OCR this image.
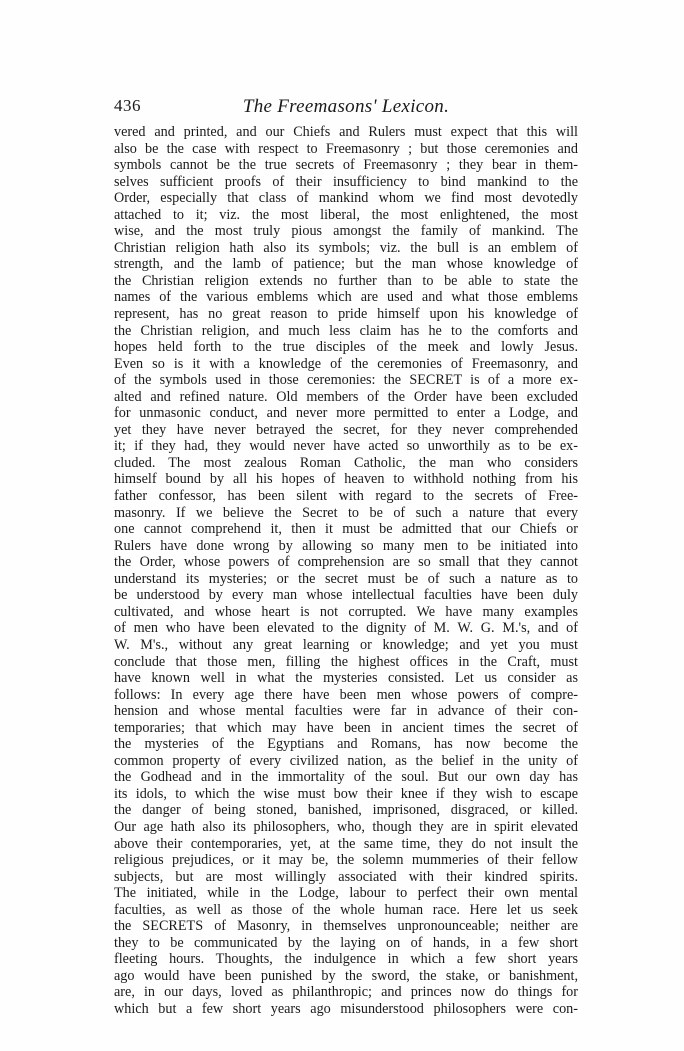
436	The Freemasons' Lexicon.
vered and printed, and our Chiefs and Rulers must expect that this will
also be the case with respect to Freemasonry ; but those ceremonies and
symbols cannot be the true secrets of Freemasonry ; they bear in them-
selves sufficient proofs of their insufficiency to bind mankind to the
Order, especially that class of mankind whom we find most devotedly
attached to it; viz. the most liberal, the most enlightened, the most
wise, and the most truly pious amongst the family of mankind. The
Christian religion hath also its symbols; viz. the bull is an emblem of
strength, and the lamb of patience; but the man whose knowledge of
the Christian religion extends no further than to be able to state the
names of the various emblems which are used and what those emblems
represent, has no great reason to pride himself upon his knowledge of
the Christian religion, and much less claim has he to the comforts and
hopes held forth to the true disciples of the meek and lowly Jesus.
Even so is it with a knowledge of the ceremonies of Freemasonry, and
of the symbols used in those ceremonies: the SECRET is of a more ex-
alted and refined nature. Old members of the Order have been excluded
for unmasonic conduct, and never more permitted to enter a Lodge, and
yet they have never betrayed the secret, for they never comprehended
it; if they had, they would never have acted so unworthily as to be ex-
cluded. The most zealous Roman Catholic, the man who considers
himself bound by all his hopes of heaven to withhold nothing from his
father confessor, has been silent with regard to the secrets of Free-
masonry. If we believe the Secret to be of such a nature that every
one cannot comprehend it, then it must be admitted that our Chiefs or
Rulers have done wrong by allowing so many men to be initiated into
the Order, whose powers of comprehension are so small that they cannot
understand its mysteries; or the secret must be of such a nature as to
be understood by every man whose intellectual faculties have been duly
cultivated, and whose heart is not corrupted. We have many examples
of men who have been elevated to the dignity of M. W. G. M.'s, and of
W. M's., without any great learning or knowledge; and yet you must
conclude that those men, filling the highest offices in the Craft, must
have known well in what the mysteries consisted. Let us consider as
follows: In every age there have been men whose powers of compre-
hension and whose mental faculties were far in advance of their con-
temporaries; that which may have been in ancient times the secret of
the mysteries of the Egyptians and Romans, has now become the
common property of every civilized nation, as the belief in the unity of
the Godhead and in the immortality of the soul. But our own day has
its idols, to which the wise must bow their knee if they wish to escape
the danger of being stoned, banished, imprisoned, disgraced, or killed.
Our age hath also its philosophers, who, though they are in spirit elevated
above their contemporaries, yet, at the same time, they do not insult the
religious prejudices, or it may be, the solemn mummeries of their fellow
subjects, but are most willingly associated with their kindred spirits.
The initiated, while in the Lodge, labour to perfect their own mental
faculties, as well as those of the whole human race. Here let us seek
the SECRETS of Masonry, in themselves unpronounceable; neither are
they to be communicated by the laying on of hands, in a few short
fleeting hours. Thoughts, the indulgence in which a few short years
ago would have been punished by the sword, the stake, or banishment,
are, in our days, loved as philanthropic; and princes now do things for
which but a few short years ago misunderstood philosophers were con-
